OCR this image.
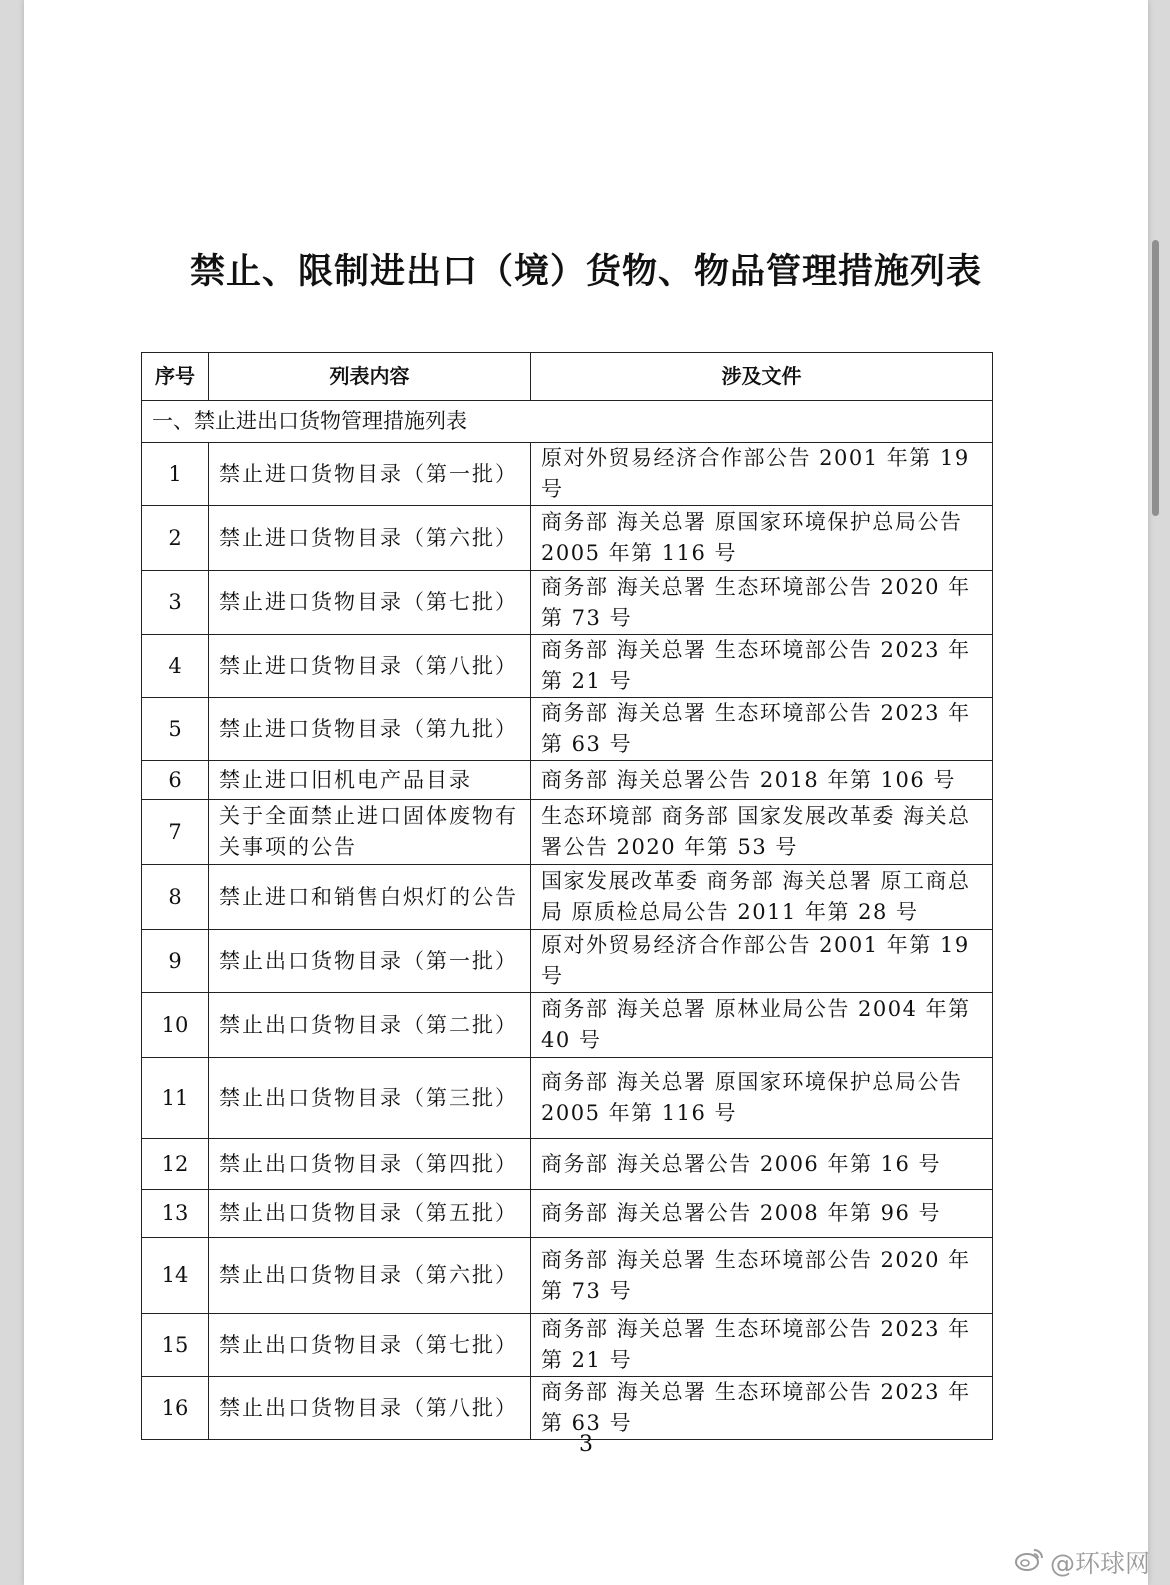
禁止、限制进出口（境）货物、物品管理措施列表
序号	列表内容	涉及文件
一、禁止进出口货物管理措施列表		
1	禁止进口货物目录（第一批）	原对外贸易经济合作部公告 2001 年第 19 号
2	禁止进口货物目录（第六批）	商务部 海关总署 原国家环境保护总局公告 2005 年第 116 号
3	禁止进口货物目录（第七批）	商务部 海关总署 生态环境部公告 2020 年第 73 号
4	禁止进口货物目录（第八批）	商务部 海关总署 生态环境部公告 2023 年第 21 号
5	禁止进口货物目录（第九批）	商务部 海关总署 生态环境部公告 2023 年第 63 号
6	禁止进口旧机电产品目录	商务部 海关总署公告 2018 年第 106 号
7	关于全面禁止进口固体废物有关事项的公告	生态环境部 商务部 国家发展改革委 海关总署公告 2020 年第 53 号
8	禁止进口和销售白炽灯的公告	国家发展改革委 商务部 海关总署 原工商总局 原质检总局公告 2011 年第 28 号
9	禁止出口货物目录（第一批）	原对外贸易经济合作部公告 2001 年第 19 号
10	禁止出口货物目录（第二批）	商务部 海关总署 原林业局公告 2004 年第 40 号
11	禁止出口货物目录（第三批）	商务部 海关总署 原国家环境保护总局公告 2005 年第 116 号
12	禁止出口货物目录（第四批）	商务部 海关总署公告 2006 年第 16 号
13	禁止出口货物目录（第五批）	商务部 海关总署公告 2008 年第 96 号
14	禁止出口货物目录（第六批）	商务部 海关总署 生态环境部公告 2020 年第 73 号
15	禁止出口货物目录（第七批）	商务部 海关总署 生态环境部公告 2023 年第 21 号
16	禁止出口货物目录（第八批）	商务部 海关总署 生态环境部公告 2023 年第 63 号
3
@环球网
